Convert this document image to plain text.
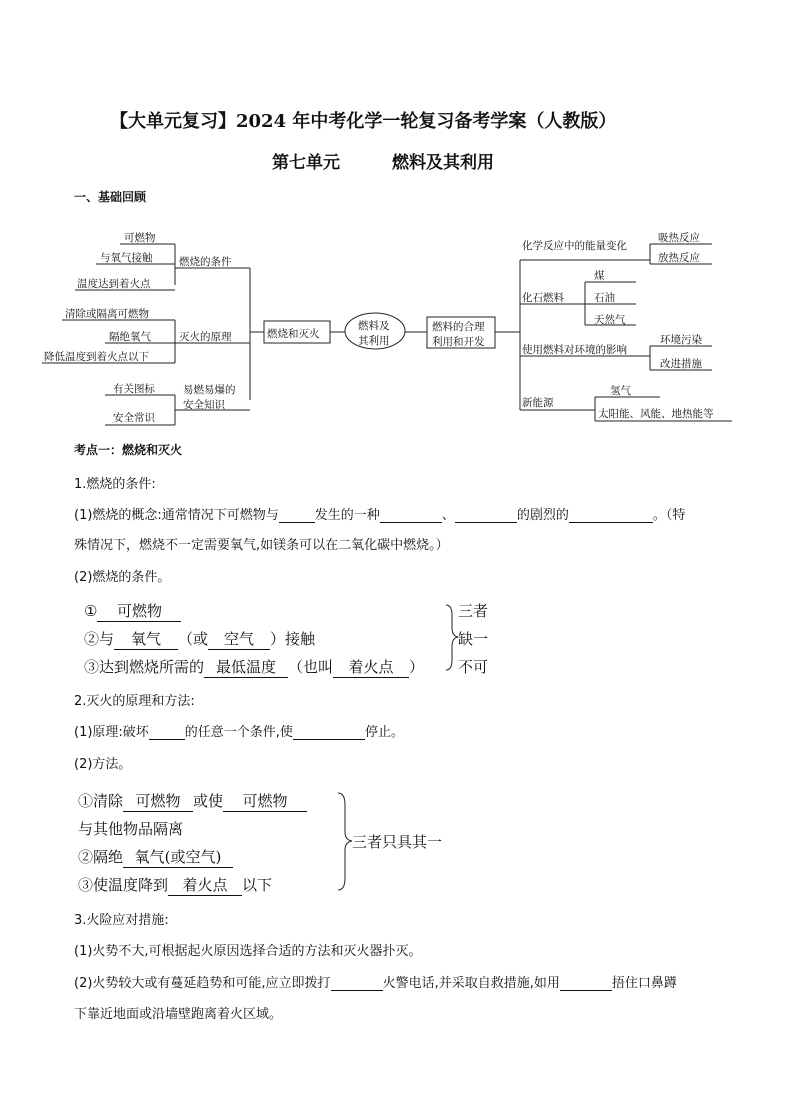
【大单元复习】2024 年中考化学一轮复习备考学案（人教版）
第七单元	燃料及其利用
一、基础回顾
燃料及
其利用
燃烧和灭火
燃料的合理
利用和开发
燃烧的条件
可燃物
与氧气接触
温度达到着火点
灭火的原理
清除或隔离可燃物
隔绝氧气
降低温度到着火点以下
易燃易爆的
安全知识
有关图标
安全常识
化学反应中的能量变化
吸热反应
放热反应
化石燃料
煤
石油
天然气
使用燃料对环境的影响
环境污染
改进措施
新能源
氢气
太阳能、风能、地热能等
考点一：燃烧和灭火
1.燃烧的条件:
(1)燃烧的概念:通常情况下可燃物与	发生的一种	、	的剧烈的	。（特
殊情况下，燃烧不一定需要氧气,如镁条可以在二氧化碳中燃烧。）
(2)燃烧的条件。
① 可燃物
②与 氧气 （或 空气 ）接触
③达到燃烧所需的 最低温度 （也叫 着火点 ）
三者
缺一
不可
2.灭火的原理和方法:
(1)原理:破坏	的任意一个条件,使	停止。
(2)方法。
①清除 可燃物 或使 可燃物
与其他物品隔离
②隔绝 氧气(或空气)
③使温度降到 着火点 以下
三者只具其一
3.火险应对措施:
(1)火势不大,可根据起火原因选择合适的方法和灭火器扑灭。
(2)火势较大或有蔓延趋势和可能,应立即拨打	火警电话,并采取自救措施,如用	捂住口鼻蹲
下靠近地面或沿墙壁跑离着火区域。
